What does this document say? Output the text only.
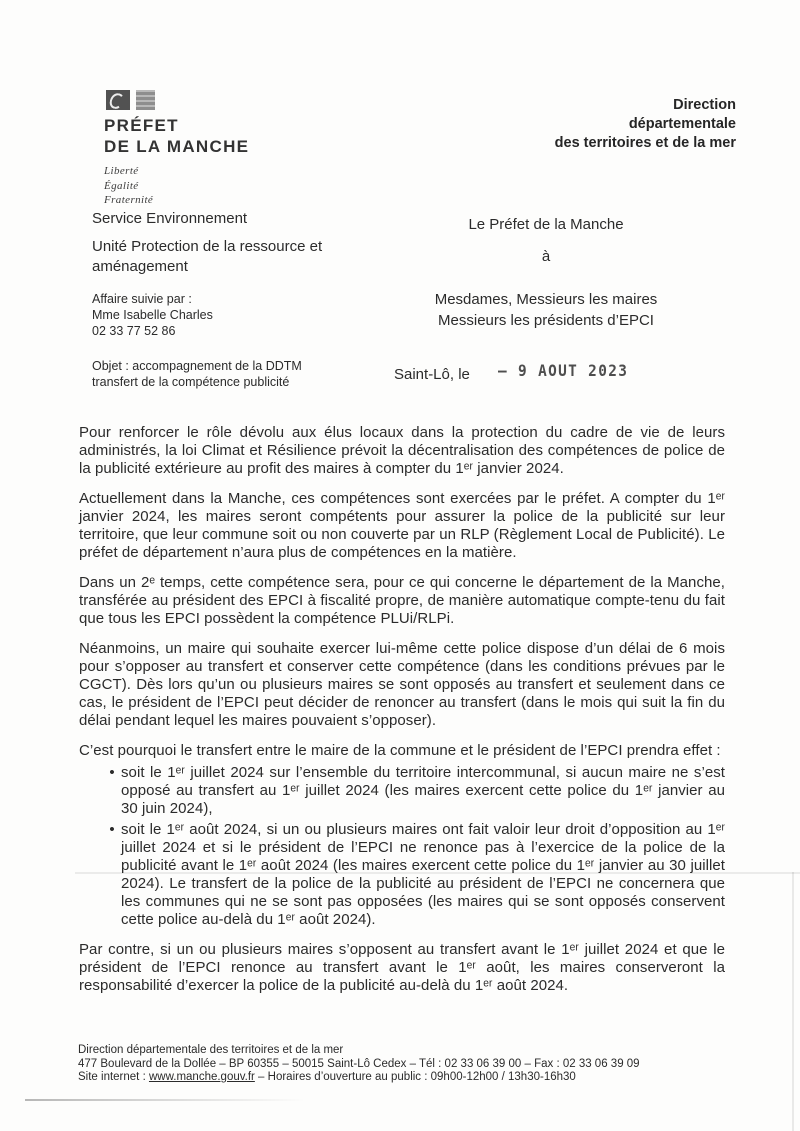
PRÉFET
DE LA MANCHE
Liberté
Égalité
Fraternité
Direction
départementale
des territoires et de la mer
Service Environnement
Unité Protection de la ressource et aménagement
Affaire suivie par :
Mme Isabelle Charles
02 33 77 52 86
Objet : accompagnement de la DDTM
transfert de la compétence publicité
Le Préfet de la Manche
à
Mesdames, Messieurs les maires
Messieurs les présidents d’EPCI
Saint-Lô, le – 9 AOUT 2023

Pour renforcer le rôle dévolu aux élus locaux dans la protection du cadre de vie de leurs administrés, la loi Climat et Résilience prévoit la décentralisation des compétences de police de la publicité extérieure au profit des maires à compter du 1ᵉʳ janvier 2024.

Actuellement dans la Manche, ces compétences sont exercées par le préfet. A compter du 1ᵉʳ janvier 2024, les maires seront compétents pour assurer la police de la publicité sur leur territoire, que leur commune soit ou non couverte par un RLP (Règlement Local de Publicité). Le préfet de département n’aura plus de compétences en la matière.

Dans un 2ᵉ temps, cette compétence sera, pour ce qui concerne le département de la Manche, transférée au président des EPCI à fiscalité propre, de manière automatique compte-tenu du fait que tous les EPCI possèdent la compétence PLUi/RLPi.

Néanmoins, un maire qui souhaite exercer lui-même cette police dispose d’un délai de 6 mois pour s’opposer au transfert et conserver cette compétence (dans les conditions prévues par le CGCT). Dès lors qu’un ou plusieurs maires se sont opposés au transfert et seulement dans ce cas, le président de l’EPCI peut décider de renoncer au transfert (dans le mois qui suit la fin du délai pendant lequel les maires pouvaient s’opposer).

C’est pourquoi le transfert entre le maire de la commune et le président de l’EPCI prendra effet :

• soit le 1ᵉʳ juillet 2024 sur l’ensemble du territoire intercommunal, si aucun maire ne s’est opposé au transfert au 1ᵉʳ juillet 2024 (les maires exercent cette police du 1ᵉʳ janvier au 30 juin 2024),
• soit le 1ᵉʳ août 2024, si un ou plusieurs maires ont fait valoir leur droit d’opposition au 1ᵉʳ juillet 2024 et si le président de l’EPCI ne renonce pas à l’exercice de la police de la publicité avant le 1ᵉʳ août 2024 (les maires exercent cette police du 1ᵉʳ janvier au 30 juillet 2024). Le transfert de la police de la publicité au président de l’EPCI ne concernera que les communes qui ne se sont pas opposées (les maires qui se sont opposés conservent cette police au-delà du 1ᵉʳ août 2024).

Par contre, si un ou plusieurs maires s’opposent au transfert avant le 1ᵉʳ juillet 2024 et que le président de l’EPCI renonce au transfert avant le 1ᵉʳ août, les maires conserveront la responsabilité d’exercer la police de la publicité au-delà du 1ᵉʳ août 2024.

Direction départementale des territoires et de la mer
477 Boulevard de la Dollée – BP 60355 – 50015 Saint-Lô Cedex – Tél : 02 33 06 39 00 – Fax : 02 33 06 39 09
Site internet : www.manche.gouv.fr – Horaires d’ouverture au public : 09h00-12h00 / 13h30-16h30
